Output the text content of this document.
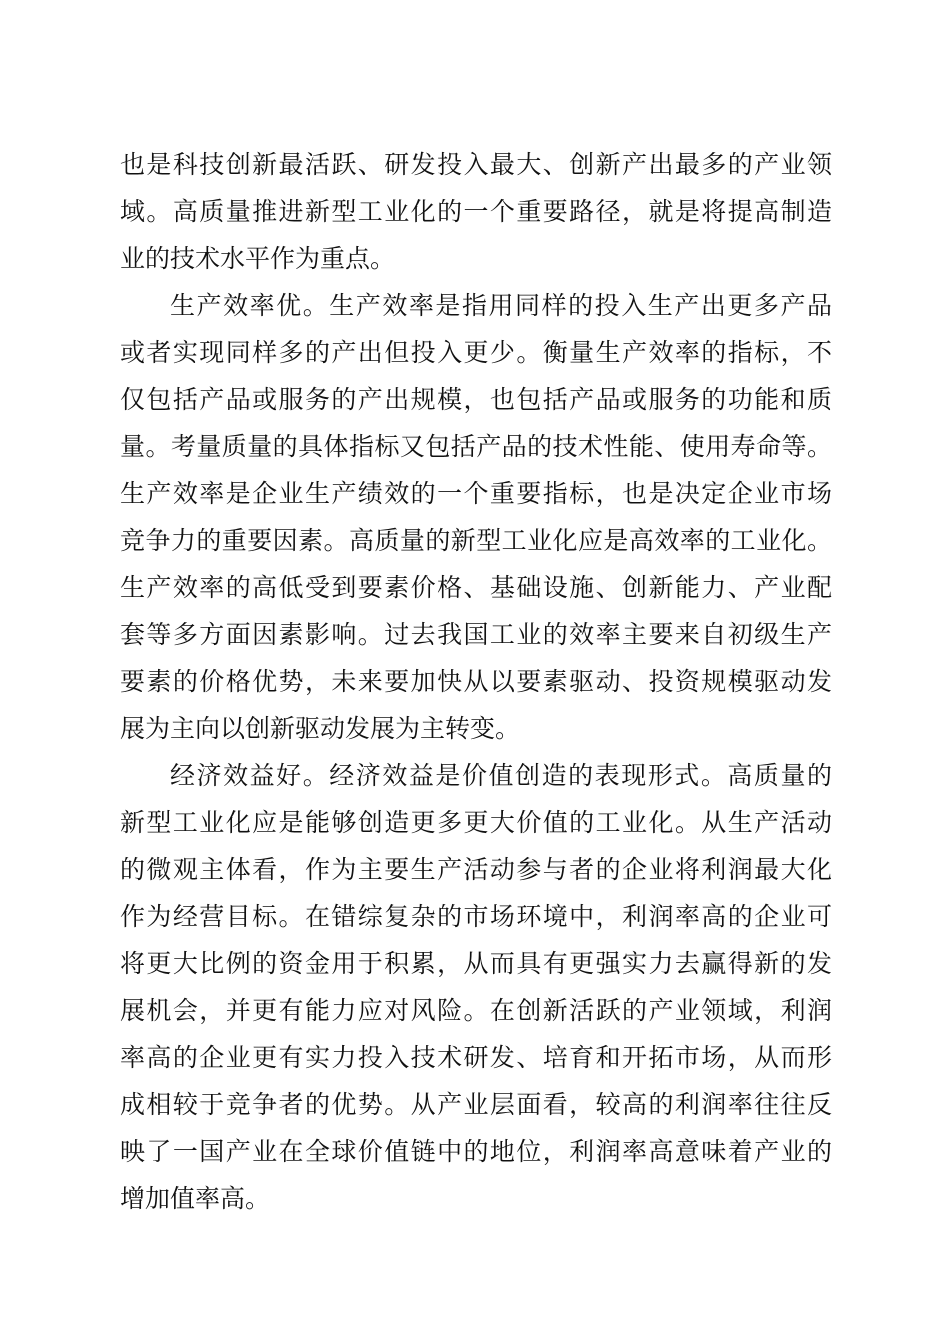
也是科技创新最活跃、研发投入最大、创新产出最多的产业领
域。高质量推进新型工业化的一个重要路径，就是将提高制造
业的技术水平作为重点。
生产效率优。生产效率是指用同样的投入生产出更多产品
或者实现同样多的产出但投入更少。衡量生产效率的指标，不
仅包括产品或服务的产出规模，也包括产品或服务的功能和质
量。考量质量的具体指标又包括产品的技术性能、使用寿命等。
生产效率是企业生产绩效的一个重要指标，也是决定企业市场
竞争力的重要因素。高质量的新型工业化应是高效率的工业化。
生产效率的高低受到要素价格、基础设施、创新能力、产业配
套等多方面因素影响。过去我国工业的效率主要来自初级生产
要素的价格优势，未来要加快从以要素驱动、投资规模驱动发
展为主向以创新驱动发展为主转变。
经济效益好。经济效益是价值创造的表现形式。高质量的
新型工业化应是能够创造更多更大价值的工业化。从生产活动
的微观主体看，作为主要生产活动参与者的企业将利润最大化
作为经营目标。在错综复杂的市场环境中，利润率高的企业可
将更大比例的资金用于积累，从而具有更强实力去赢得新的发
展机会，并更有能力应对风险。在创新活跃的产业领域，利润
率高的企业更有实力投入技术研发、培育和开拓市场，从而形
成相较于竞争者的优势。从产业层面看，较高的利润率往往反
映了一国产业在全球价值链中的地位，利润率高意味着产业的
增加值率高。
